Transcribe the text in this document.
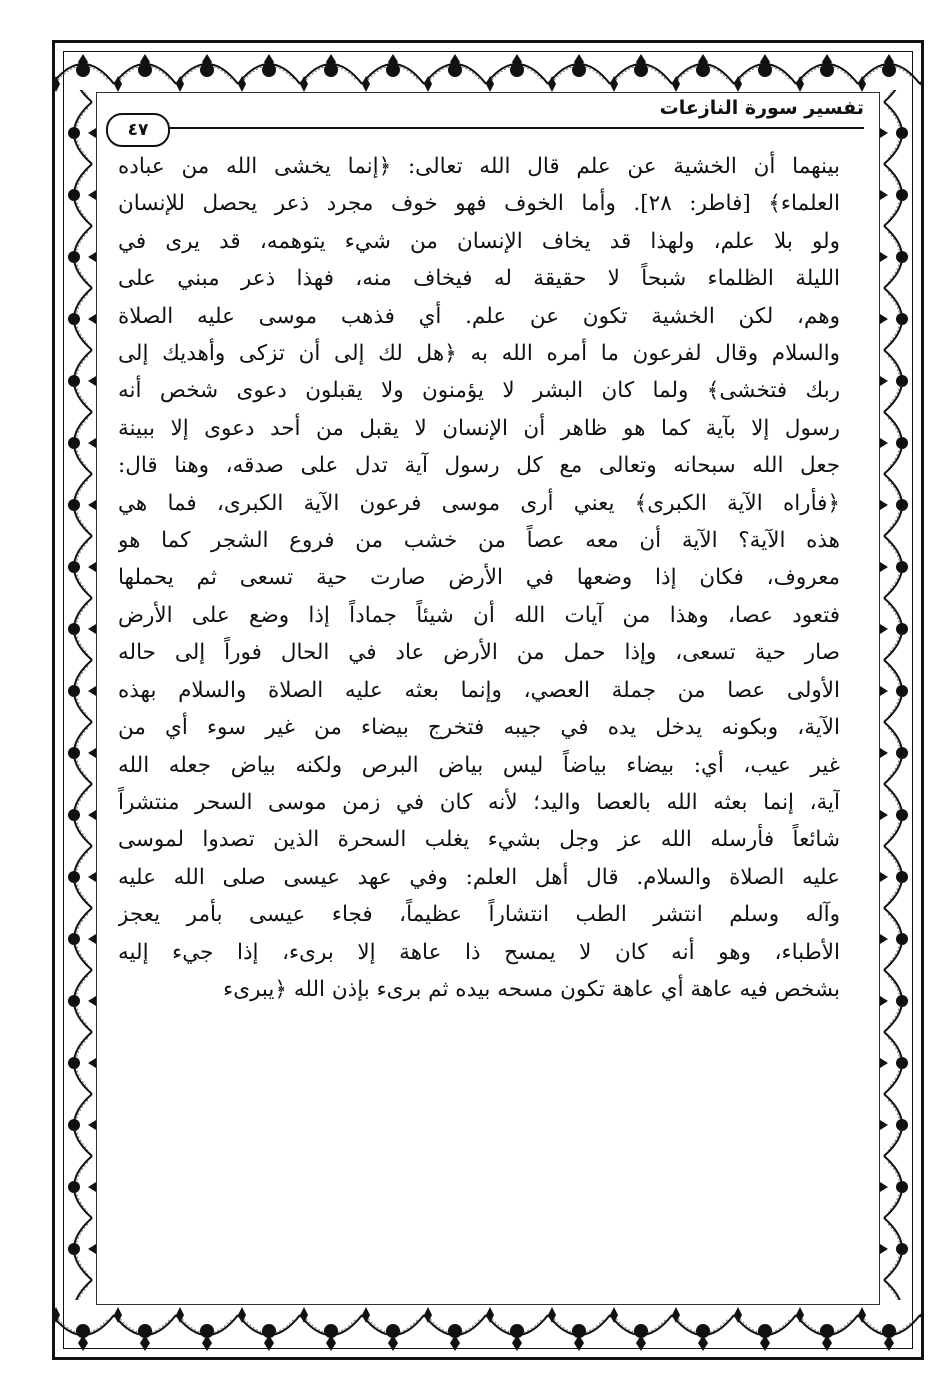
تفسير سورة النازعات
٤٧
بينهما أن الخشية عن علم قال الله تعالى: ﴿إنما يخشى الله من عباده
العلماء﴾ [فاطر: ٢٨]. وأما الخوف فهو خوف مجرد ذعر يحصل للإنسان
ولو بلا علم، ولهذا قد يخاف الإنسان من شيء يتوهمه، قد يرى في
الليلة الظلماء شبحاً لا حقيقة له فيخاف منه، فهذا ذعر مبني على
وهم، لكن الخشية تكون عن علم. أي فذهب موسى عليه الصلاة
والسلام وقال لفرعون ما أمره الله به ﴿هل لك إلى أن تزكى وأهديك إلى
ربك فتخشى﴾ ولما كان البشر لا يؤمنون ولا يقبلون دعوى شخص أنه
رسول إلا بآية كما هو ظاهر أن الإنسان لا يقبل من أحد دعوى إلا ببينة
جعل الله سبحانه وتعالى مع كل رسول آية تدل على صدقه، وهنا قال:
﴿فأراه الآية الكبرى﴾ يعني أرى موسى فرعون الآية الكبرى، فما هي
هذه الآية؟ الآية أن معه عصاً من خشب من فروع الشجر كما هو
معروف، فكان إذا وضعها في الأرض صارت حية تسعى ثم يحملها
فتعود عصا، وهذا من آيات الله أن شيئاً جماداً إذا وضع على الأرض
صار حية تسعى، وإذا حمل من الأرض عاد في الحال فوراً إلى حاله
الأولى عصا من جملة العصي، وإنما بعثه عليه الصلاة والسلام بهذه
الآية، وبكونه يدخل يده في جيبه فتخرج بيضاء من غير سوء أي من
غير عيب، أي: بيضاء بياضاً ليس بياض البرص ولكنه بياض جعله الله
آية، إنما بعثه الله بالعصا واليد؛ لأنه كان في زمن موسى السحر منتشراً
شائعاً فأرسله الله عز وجل بشيء يغلب السحرة الذين تصدوا لموسى
عليه الصلاة والسلام. قال أهل العلم: وفي عهد عيسى صلى الله عليه
وآله وسلم انتشر الطب انتشاراً عظيماً، فجاء عيسى بأمر يعجز
الأطباء، وهو أنه كان لا يمسح ذا عاهة إلا برىء، إذا جيء إليه
بشخص فيه عاهة أي عاهة تكون مسحه بيده ثم برىء بإذن الله ﴿يبرىء
